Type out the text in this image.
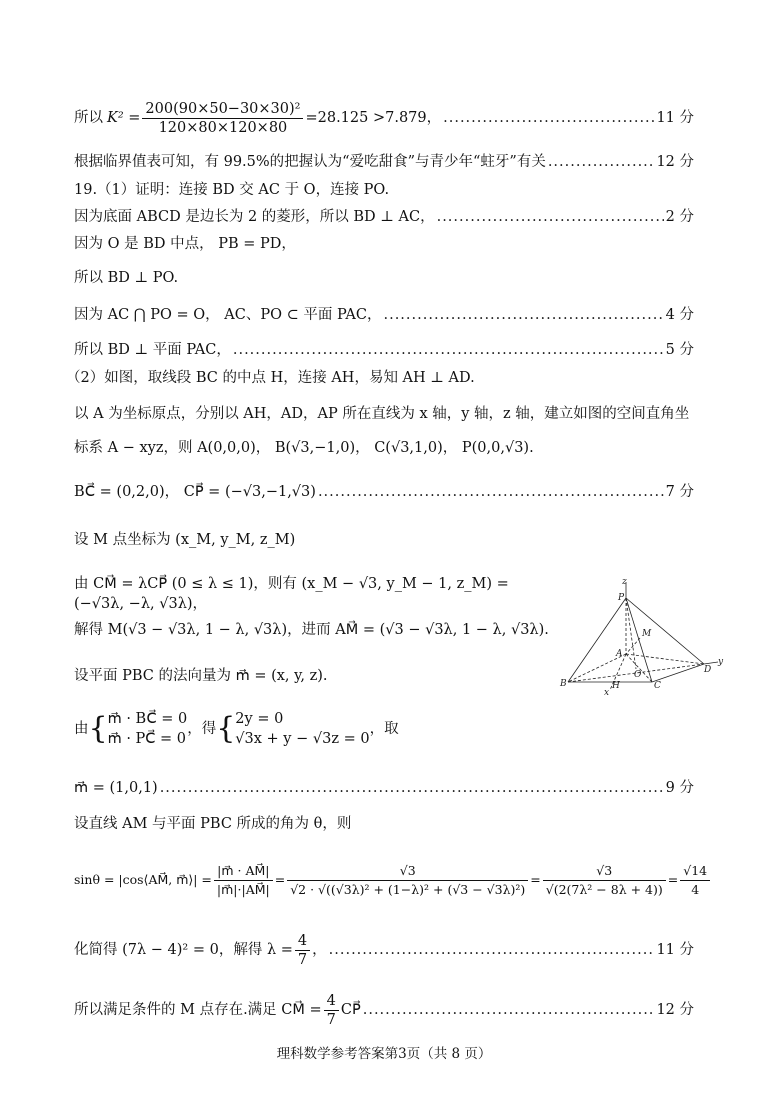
所以 $K^2 = \frac{\text{200(90×50−30×30)²}}{120\times 80\times 120\times 80} =28.125 >7.879$， .....	11 分
根据临界值表可知，有 99.5%的把握认为“爱吃甜食”与青少年“蛀牙”有关 .....	12 分
19.（1）证明：连接 BD 交 AC 于 O，连接 PO.
因为底面 ABCD 是边长为 2 的菱形，所以 BD ⊥ AC， .....	2 分
因为 O 是 BD 中点， PB = PD，
所以 BD ⊥ PO.
因为 AC ⋂ PO = O， AC、PO ⊂ 平面 PAC， .....	4 分
所以 BD ⊥ 平面 PAC， .....	5 分
（2）如图，取线段 BC 的中点 H，连接 AH，易知 AH ⊥ AD.
以 A 为坐标原点，分别以 AH，AD，AP 所在直线为 x 轴，y 轴，z 轴，建立如图的空间直角坐
标系 A − xyz，则 A(0,0,0)， B(√3,−1,0)， C(√3,1,0)， P(0,0,√3).
BC⃗ = (0,2,0)， CP⃗ = (−√3,−1,√3) .....	7 分
设 M 点坐标为 (x_M, y_M, z_M)
由 CM⃗ = λCP⃗ (0 ≤ λ ≤ 1)，则有 (x_M − √3, y_M − 1, z_M) = (−√3λ, −λ, √3λ)，
解得 M(√3 − √3λ, 1 − λ, √3λ)，进而 AM⃗ = (√3 − √3λ, 1 − λ, √3λ).
设平面 PBC 的法向量为 m⃗ = (x, y, z).
由 { m⃗ · BC⃗ = 0
m⃗ · PC⃗ = 0
，得 { 2y = 0
√3x + y − √3z = 0
，取
m⃗ = (1,0,1) .....	9 分
设直线 AM 与平面 PBC 所成的角为 θ，则
sinθ = |cos⟨AM⃗, m⃗⟩| = $\frac{|m⃗ \cdot AM⃗|}{|m⃗|\cdot|AM⃗|} = \frac{√3}{\text{√2 · √((√3λ)² + (1−λ)² + (√3 − √3λ)²)}} = \frac{√3}{\text{√(2(7λ² − 8λ + 4))}} = \frac{√14}{4}$
化简得 (7λ − 4)² = 0，解得 $\lambda = \frac{4}{7}$ ， .....	11 分
所以满足条件的 M 点存在.满足 CM⃗ = $\frac{4}{7}$ CP⃗ .....	12 分
z
P
M
A
O	D
y
B	H	C
x
理科数学参考答案第3页（共 8 页）
